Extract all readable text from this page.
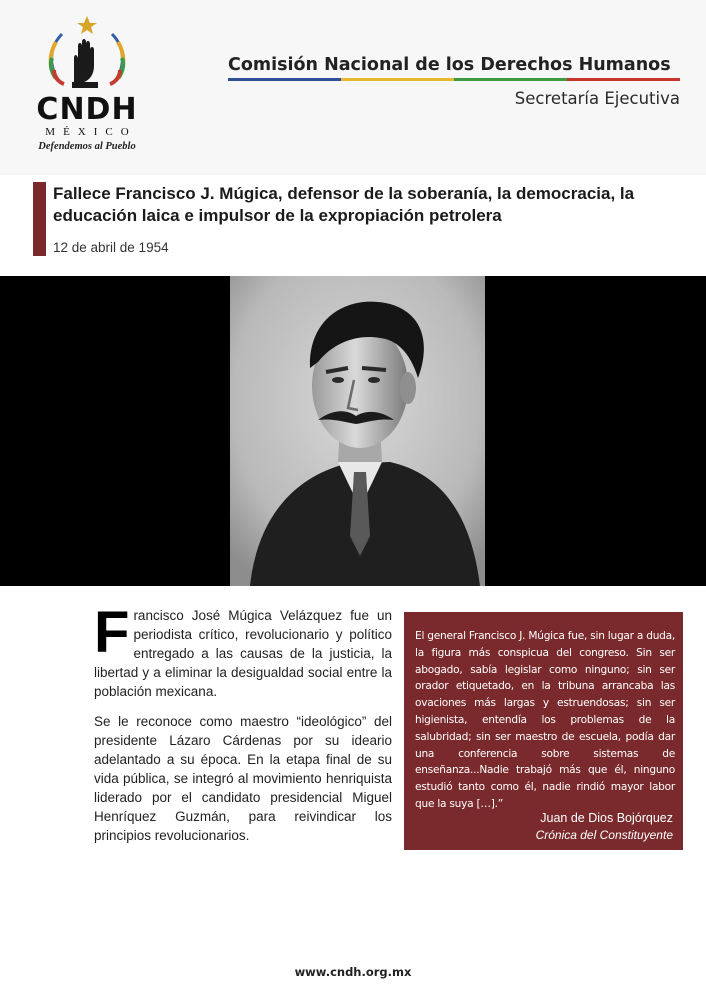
CNDH
MÉXICO
Defendemos al Pueblo
Comisión Nacional de los Derechos Humanos
Secretaría Ejecutiva
Fallece Francisco J. Múgica, defensor de la soberanía, la democracia, la educación laica e impulsor de la expropiación petrolera
12 de abril de 1954

Francisco José Múgica Velázquez fue un periodista crítico, revolucionario y político entregado a las causas de la justicia, la libertad y a eliminar la desigualdad social entre la población mexicana.

Se le reconoce como maestro “ideológico” del presidente Lázaro Cárdenas por su ideario adelantado a su época. En la etapa final de su vida pública, se integró al movimiento henriquista liderado por el candidato presidencial Miguel Henríquez Guzmán, para reivindicar los principios revolucionarios.

El general Francisco J. Múgica fue, sin lugar a duda, la figura más conspicua del congreso. Sin ser abogado, sabía legislar como ninguno; sin ser orador etiquetado, en la tribuna arrancaba las ovaciones más largas y estruendosas; sin ser higienista, entendía los problemas de la salubridad; sin ser maestro de escuela, podía dar una conferencia sobre sistemas de enseñanza...Nadie trabajó más que él, ninguno estudió tanto como él, nadie rindió mayor labor que la suya […].”
Juan de Dios Bojórquez
Crónica del Constituyente
www.cndh.org.mx
